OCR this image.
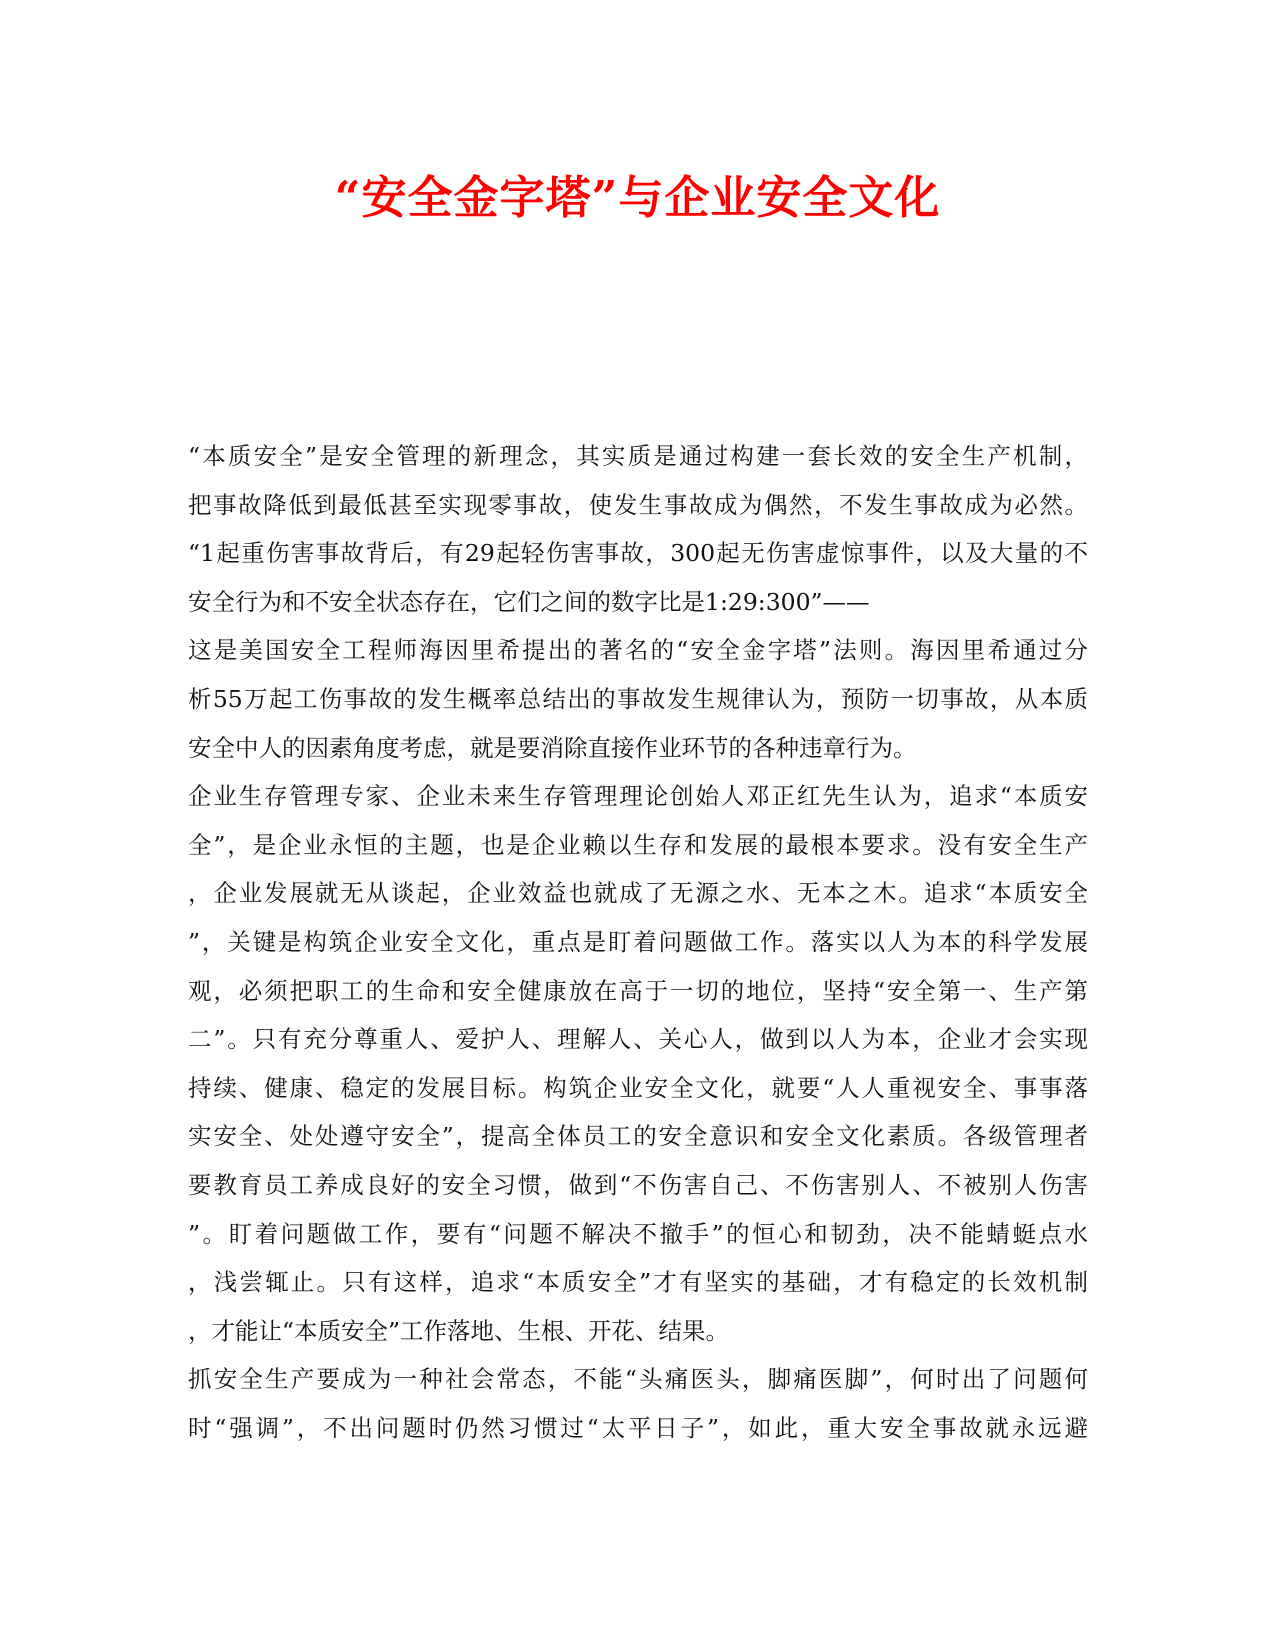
“安全金字塔”与企业安全文化
“本质安全”是安全管理的新理念，其实质是通过构建一套长效的安全生产机制，
把事故降低到最低甚至实现零事故，使发生事故成为偶然，不发生事故成为必然。
“1起重伤害事故背后，有29起轻伤害事故，300起无伤害虚惊事件，以及大量的不
安全行为和不安全状态存在，它们之间的数字比是1:29:300”——
这是美国安全工程师海因里希提出的著名的“安全金字塔”法则。海因里希通过分
析55万起工伤事故的发生概率总结出的事故发生规律认为，预防一切事故，从本质
安全中人的因素角度考虑，就是要消除直接作业环节的各种违章行为。
企业生存管理专家、企业未来生存管理理论创始人邓正红先生认为，追求“本质安
全”，是企业永恒的主题，也是企业赖以生存和发展的最根本要求。没有安全生产
，企业发展就无从谈起，企业效益也就成了无源之水、无本之木。追求“本质安全
”，关键是构筑企业安全文化，重点是盯着问题做工作。落实以人为本的科学发展
观，必须把职工的生命和安全健康放在高于一切的地位，坚持“安全第一、生产第
二”。只有充分尊重人、爱护人、理解人、关心人，做到以人为本，企业才会实现
持续、健康、稳定的发展目标。构筑企业安全文化，就要“人人重视安全、事事落
实安全、处处遵守安全”，提高全体员工的安全意识和安全文化素质。各级管理者
要教育员工养成良好的安全习惯，做到“不伤害自己、不伤害别人、不被别人伤害
”。盯着问题做工作，要有“问题不解决不撤手”的恒心和韧劲，决不能蜻蜓点水
，浅尝辄止。只有这样，追求“本质安全”才有坚实的基础，才有稳定的长效机制
，才能让“本质安全”工作落地、生根、开花、结果。
抓安全生产要成为一种社会常态，不能“头痛医头，脚痛医脚”，何时出了问题何
时“强调”，不出问题时仍然习惯过“太平日子”，如此，重大安全事故就永远避
